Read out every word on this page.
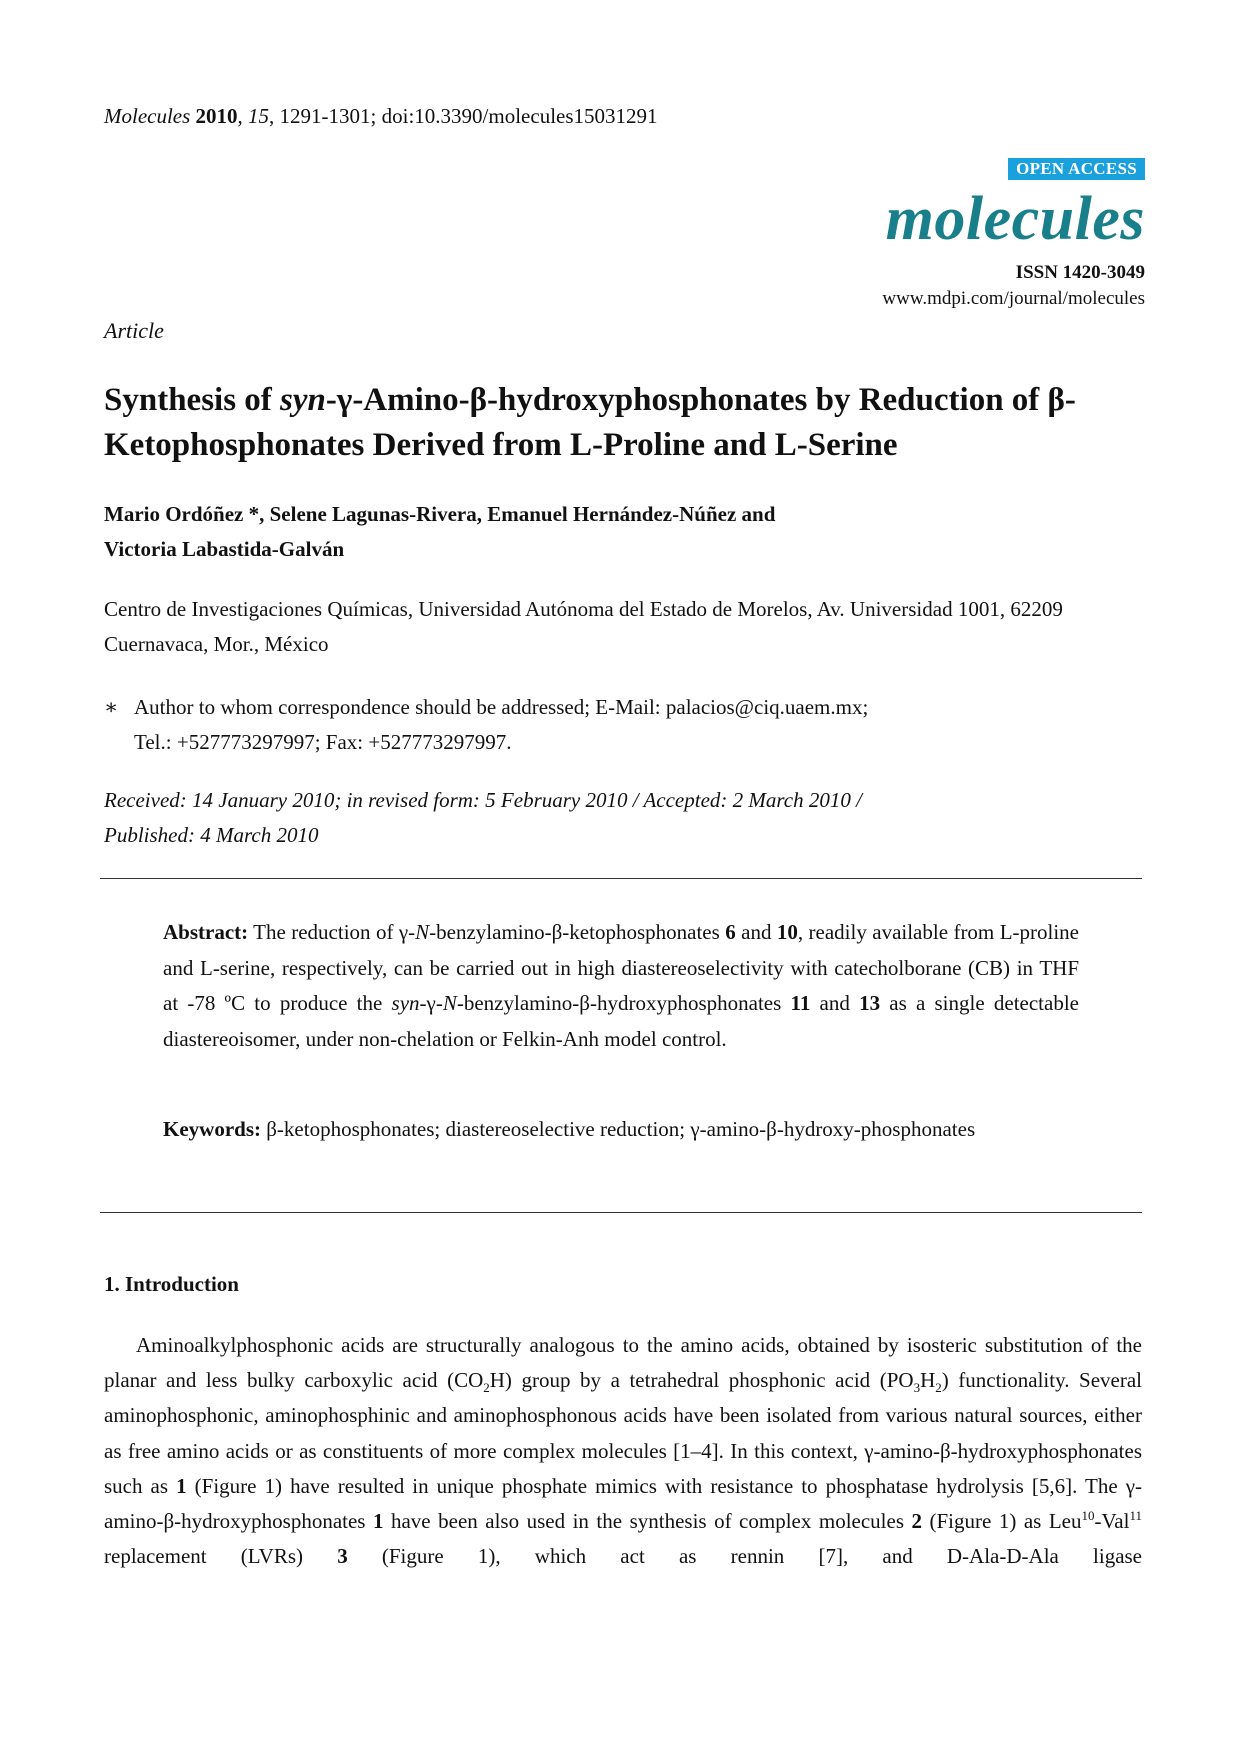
Molecules 2010, 15, 1291-1301; doi:10.3390/molecules15031291
OPEN ACCESS
molecules
ISSN 1420-3049
www.mdpi.com/journal/molecules
Article
Synthesis of syn-γ-Amino-β-hydroxyphosphonates by Reduction of β-Ketophosphonates Derived from L-Proline and L-Serine
Mario Ordóñez *, Selene Lagunas-Rivera, Emanuel Hernández-Núñez and
Victoria Labastida-Galván
Centro de Investigaciones Químicas, Universidad Autónoma del Estado de Morelos, Av. Universidad 1001, 62209 Cuernavaca, Mor., México
∗ Author to whom correspondence should be addressed; E-Mail: palacios@ciq.uaem.mx;
Tel.: +527773297997; Fax: +527773297997.
Received: 14 January 2010; in revised form: 5 February 2010 / Accepted: 2 March 2010 /
Published: 4 March 2010
Abstract: The reduction of γ-N-benzylamino-β-ketophosphonates 6 and 10, readily available from L-proline and L-serine, respectively, can be carried out in high diastereoselectivity with catecholborane (CB) in THF at -78 ºC to produce the syn-γ-N-benzylamino-β-hydroxyphosphonates 11 and 13 as a single detectable diastereoisomer, under non-chelation or Felkin-Anh model control.
Keywords: β-ketophosphonates; diastereoselective reduction; γ-amino-β-hydroxy-phosphonates
1. Introduction
Aminoalkylphosphonic acids are structurally analogous to the amino acids, obtained by isosteric substitution of the planar and less bulky carboxylic acid $(CO_2H)$ group by a tetrahedral phosphonic acid $(PO_3H_2)$ functionality. Several aminophosphonic, aminophosphinic and aminophosphonous acids have been isolated from various natural sources, either as free amino acids or as constituents of more complex molecules [1–4]. In this context, γ-amino-β-hydroxyphosphonates such as 1 (Figure 1) have resulted in unique phosphate mimics with resistance to phosphatase hydrolysis [5,6]. The γ-amino-β-hydroxyphosphonates 1 have been also used in the synthesis of complex molecules 2 (Figure 1) as Leu$^{10}$-Val$^{11}$ replacement (LVRs) 3 (Figure 1), which act as rennin [7], and D-Ala-D-Ala ligase
